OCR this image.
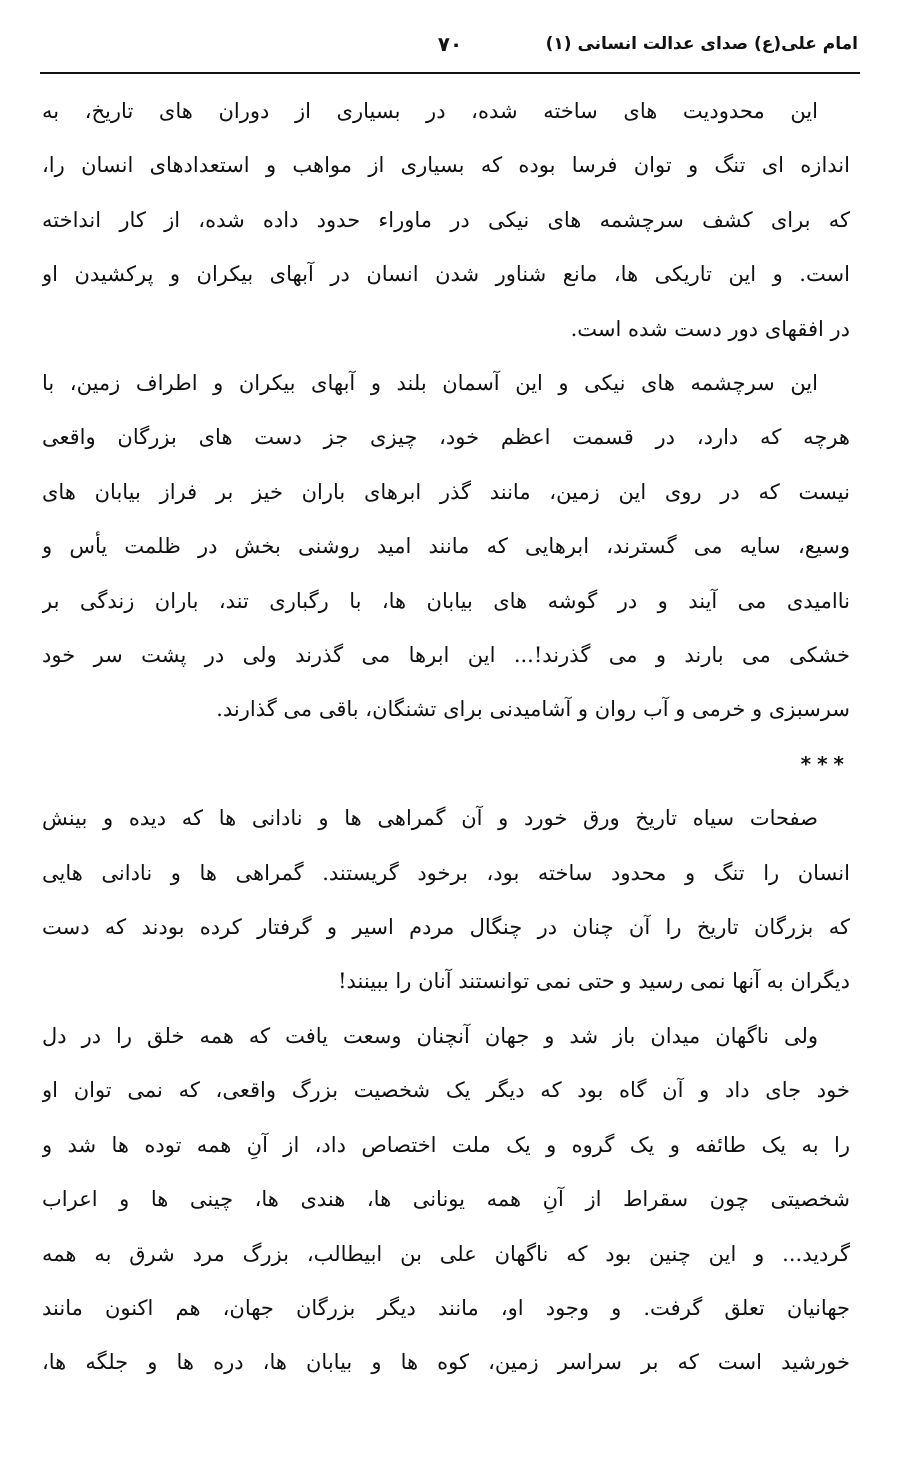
امام علی(ع) صدای عدالت انسانی (۱)
۷۰
این محدودیت های ساخته شده، در بسیاری از دوران های تاریخ، به
اندازه ای تنگ و توان فرسا بوده که بسیاری از مواهب و استعدادهای انسان را،
که برای کشف سرچشمه های نیکی در ماوراء حدود داده شده، از کار انداخته
است. و این تاریکی ها، مانع شناور شدن انسان در آبهای بیکران و پرکشیدن او
در افقهای دور دست شده است.
این سرچشمه های نیکی و این آسمان بلند و آبهای بیکران و اطراف زمین، با
هرچه که دارد، در قسمت اعظم خود، چیزی جز دست های بزرگان واقعی
نیست که در روی این زمین، مانند گذر ابرهای باران خیز بر فراز بیابان های
وسیع، سایه می گسترند، ابرهایی که مانند امید روشنی بخش در ظلمت یأس و
ناامیدی می آیند و در گوشه های بیابان ها، با رگباری تند، باران زندگی بر
خشکی می بارند و می گذرند!... این ابرها می گذرند ولی در پشت سر خود
سرسبزی و خرمی و آب روان و آشامیدنی برای تشنگان، باقی می گذارند.
***
صفحات سیاه تاریخ ورق خورد و آن گمراهی ها و نادانی ها که دیده و بینش
انسان را تنگ و محدود ساخته بود، برخود گریستند. گمراهی ها و نادانی هایی
که بزرگان تاریخ را آن چنان در چنگال مردم اسیر و گرفتار کرده بودند که دست
دیگران به آنها نمی رسید و حتی نمی توانستند آنان را ببینند!
ولی ناگهان میدان باز شد و جهان آنچنان وسعت یافت که همه خلق را در دل
خود جای داد و آن گاه بود که دیگر یک شخصیت بزرگ واقعی، که نمی توان او
را به یک طائفه و یک گروه و یک ملت اختصاص داد، از آنِ همه توده ها شد و
شخصیتی چون سقراط از آنِ همه یونانی ها، هندی ها، چینی ها و اعراب
گردید... و این چنین بود که ناگهان علی بن ابیطالب، بزرگ مرد شرق به همه
جهانیان تعلق گرفت. و وجود او، مانند دیگر بزرگان جهان، هم اکنون مانند
خورشید است که بر سراسر زمین، کوه ها و بیابان ها، دره ها و جلگه ها،
